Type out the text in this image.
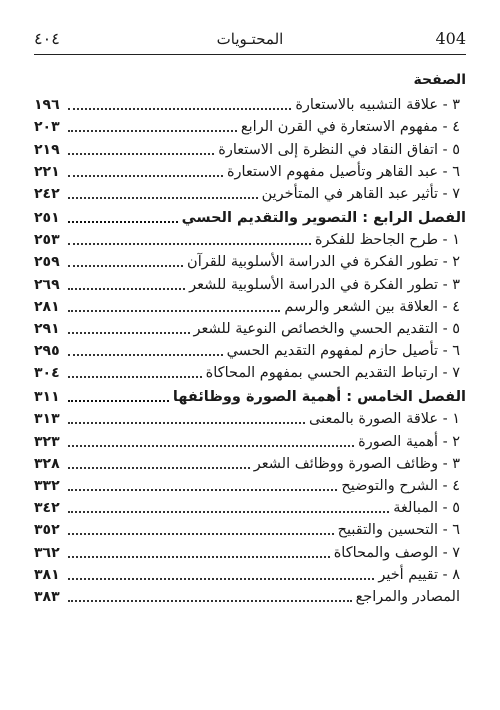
٤٠٤	المحتـويات	404
الصفحة
٣ - علاقة التشبيه بالاستعارة
١٩٦
٤ - مفهوم الاستعارة في القرن الرابع
٢٠٣
٥ - اتفاق النقاد في النظرة إلى الاستعارة
٢١٩
٦ - عبد القاهر وتأصيل مفهوم الاستعارة
٢٢١
٧ - تأثير عبد القاهر في المتأخرين
٢٤٢
الفصل الرابع : التصوير والتقديم الحسي
٢٥١
١ - طرح الجاحظ للفكرة
٢٥٣
٢ - تطور الفكرة في الدراسة الأسلوبية للقرآن
٢٥٩
٣ - تطور الفكرة في الدراسة الأسلوبية للشعر
٢٦٩
٤ - العلاقة بين الشعر والرسم
٢٨١
٥ - التقديم الحسي والخصائص النوعية للشعر
٢٩١
٦ - تأصيل حازم لمفهوم التقديم الحسي
٢٩٥
٧ - ارتباط التقديم الحسي بمفهوم المحاكاة
٣٠٤
الفصل الخامس : أهمية الصورة ووظائفها
٣١١
١ - علاقة الصورة بالمعنى
٣١٣
٢ - أهمية الصورة
٣٢٣
٣ - وظائف الصورة ووظائف الشعر
٣٢٨
٤ - الشرح والتوضيح
٣٣٢
٥ - المبالغة
٣٤٢
٦ - التحسين والتقبيح
٣٥٢
٧ - الوصف والمحاكاة
٣٦٢
٨ - تقييم أخير
٣٨١
المصادر والمراجع
٣٨٣
